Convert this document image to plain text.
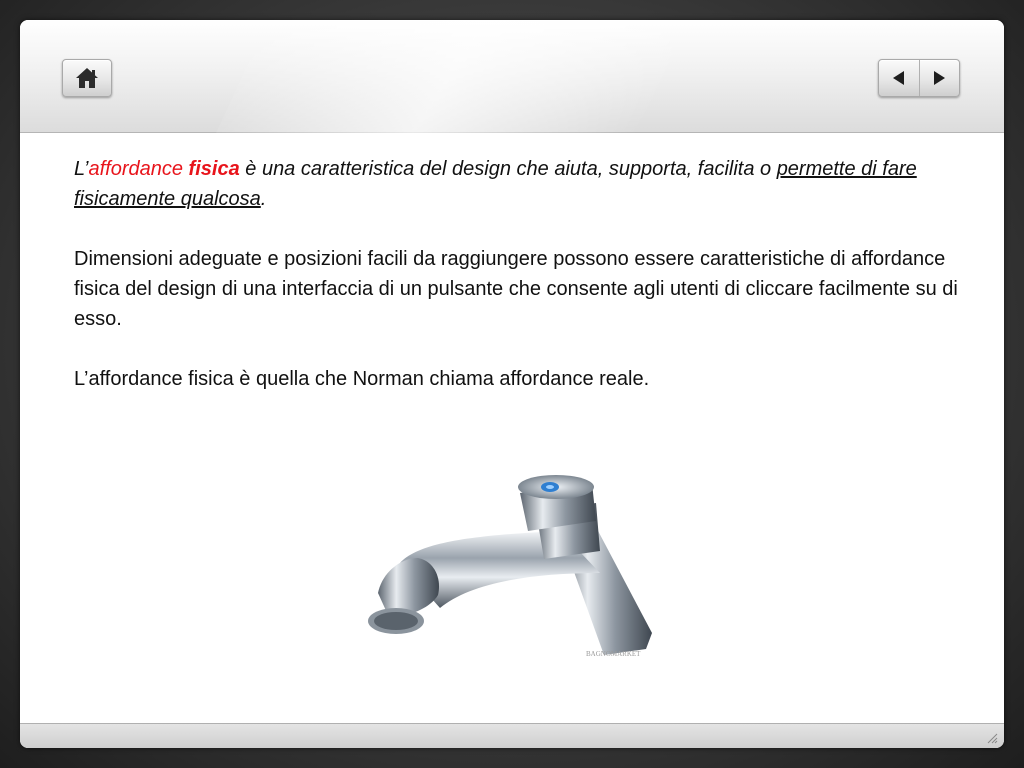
L’affordance fisica è una caratteristica del design che aiuta, supporta, facilita o permette di fare fisicamente qualcosa.

Dimensioni adeguate e posizioni facili da raggiungere possono essere caratteristiche di affordance fisica del design di una interfaccia di un pulsante che consente agli utenti di cliccare facilmente su di esso.

L’affordance fisica è quella che Norman chiama affordance reale.

BAGNOMARKET
